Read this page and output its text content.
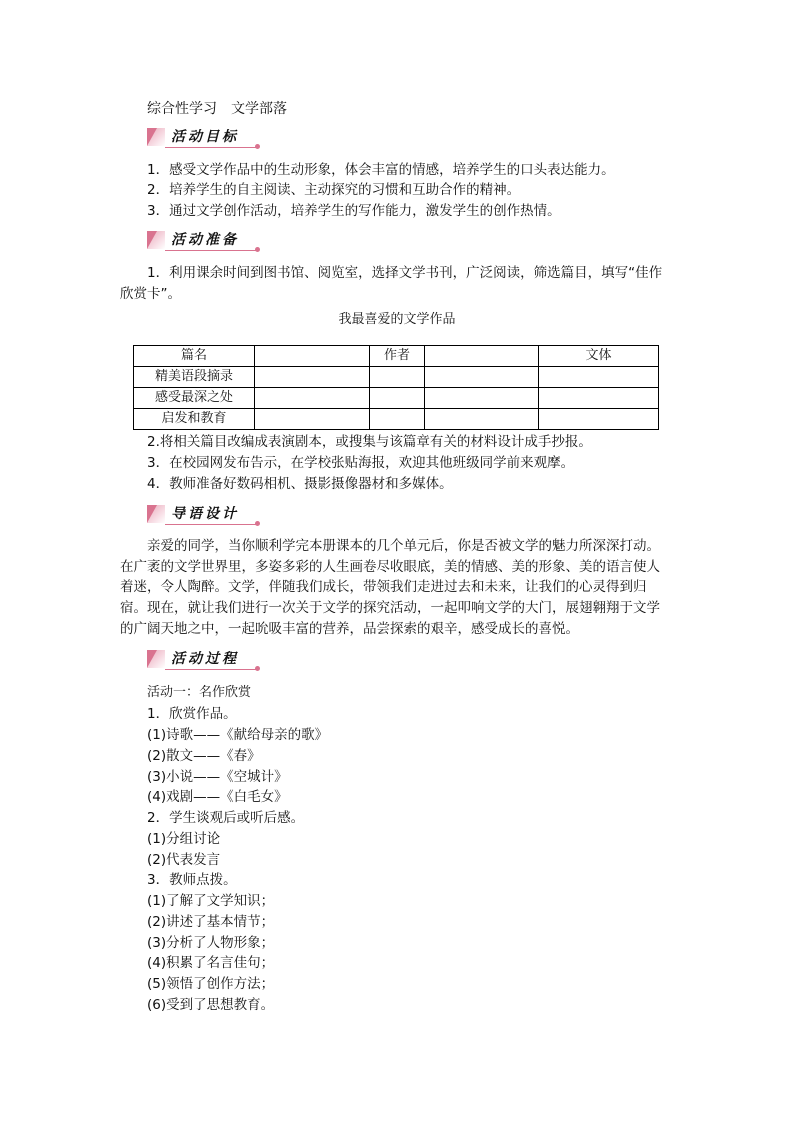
综合性学习　文学部落
活动目标
1．感受文学作品中的生动形象，体会丰富的情感，培养学生的口头表达能力。
2．培养学生的自主阅读、主动探究的习惯和互助合作的精神。
3．通过文学创作活动，培养学生的写作能力，激发学生的创作热情。
活动准备
1．利用课余时间到图书馆、阅览室，选择文学书刊，广泛阅读，筛选篇目，填写“佳作欣赏卡”。
我最喜爱的文学作品
篇名		作者		文体
精美语段摘录				
感受最深之处				
启发和教育				
2.将相关篇目改编成表演剧本，或搜集与该篇章有关的材料设计成手抄报。
3．在校园网发布告示，在学校张贴海报，欢迎其他班级同学前来观摩。
4．教师准备好数码相机、摄影摄像器材和多媒体。
导语设计
亲爱的同学，当你顺利学完本册课本的几个单元后，你是否被文学的魅力所深深打动。在广袤的文学世界里，多姿多彩的人生画卷尽收眼底，美的情感、美的形象、美的语言使人着迷，令人陶醉。文学，伴随我们成长，带领我们走进过去和未来，让我们的心灵得到归宿。现在，就让我们进行一次关于文学的探究活动，一起叩响文学的大门，展翅翱翔于文学的广阔天地之中，一起吮吸丰富的营养，品尝探索的艰辛，感受成长的喜悦。
活动过程
活动一：名作欣赏
1．欣赏作品。
(1)诗歌——《献给母亲的歌》
(2)散文——《春》
(3)小说——《空城计》
(4)戏剧——《白毛女》
2．学生谈观后或听后感。
(1)分组讨论
(2)代表发言
3．教师点拨。
(1)了解了文学知识；
(2)讲述了基本情节；
(3)分析了人物形象；
(4)积累了名言佳句；
(5)领悟了创作方法；
(6)受到了思想教育。
